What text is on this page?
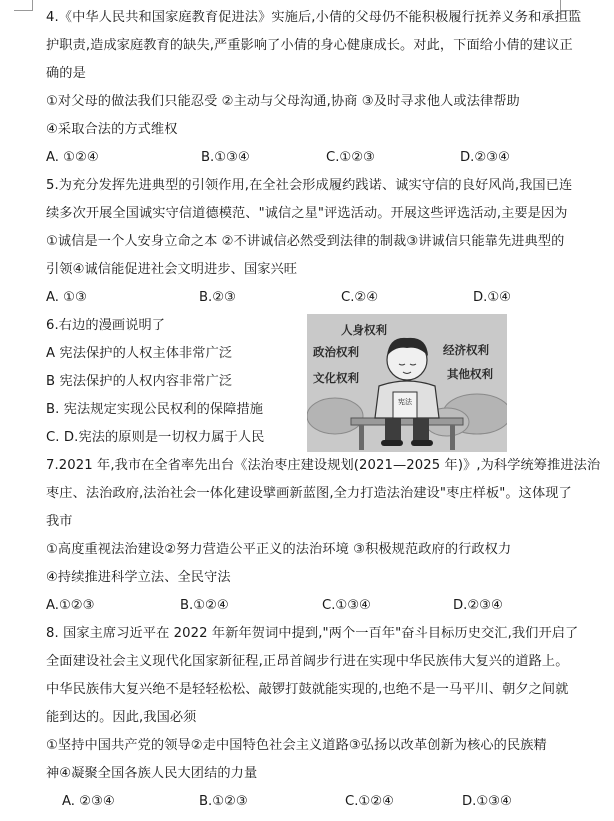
4.《中华人民共和国家庭教育促进法》实施后,小倩的父母仍不能积极履行抚养义务和承担监
护职责,造成家庭教育的缺失,严重影响了小倩的身心健康成长。对此，下面给小倩的建议正
确的是
①对父母的做法我们只能忍受 ②主动与父母沟通,协商 ③及时寻求他人或法律帮助
④采取合法的方式维权
A. ①②④	B.①③④	C.①②③	D.②③④
5.为充分发挥先进典型的引领作用,在全社会形成履约践诺、诚实守信的良好风尚,我国已连
续多次开展全国诚实守信道德模范、"诚信之星"评选活动。开展这些评选活动,主要是因为
①诚信是一个人安身立命之本 ②不讲诚信必然受到法律的制裁③讲诚信只能靠先进典型的
引领④诚信能促进社会文明进步、国家兴旺
A. ①③	B.②③	C.②④	D.①④
6.右边的漫画说明了
A 宪法保护的人权主体非常广泛
B 宪法保护的人权内容非常广泛
B. 宪法规定实现公民权利的保障措施
C. D.宪法的原则是一切权力属于人民
人身权利
政治权利	经济权利
文化权利	其他权利
宪法
7.2021 年,我市在全省率先出台《法治枣庄建设规划(2021—2025 年)》,为科学统筹推进法治
枣庄、法治政府,法治社会一体化建设擘画新蓝图,全力打造法治建设"枣庄样板"。这体现了
我市
①高度重视法治建设②努力营造公平正义的法治环境 ③积极规范政府的行政权力
④持续推进科学立法、全民守法
A.①②③	B.①②④	C.①③④	D.②③④
8. 国家主席习近平在 2022 年新年贺词中提到,"两个一百年"奋斗目标历史交汇,我们开启了
全面建设社会主义现代化国家新征程,正昂首阔步行进在实现中华民族伟大复兴的道路上。
中华民族伟大复兴绝不是轻轻松松、敲锣打鼓就能实现的,也绝不是一马平川、朝夕之间就
能到达的。因此,我国必须
①坚持中国共产党的领导②走中国特色社会主义道路③弘扬以改革创新为核心的民族精
神④凝聚全国各族人民大团结的力量
A. ②③④	B.①②③	C.①②④	D.①③④
